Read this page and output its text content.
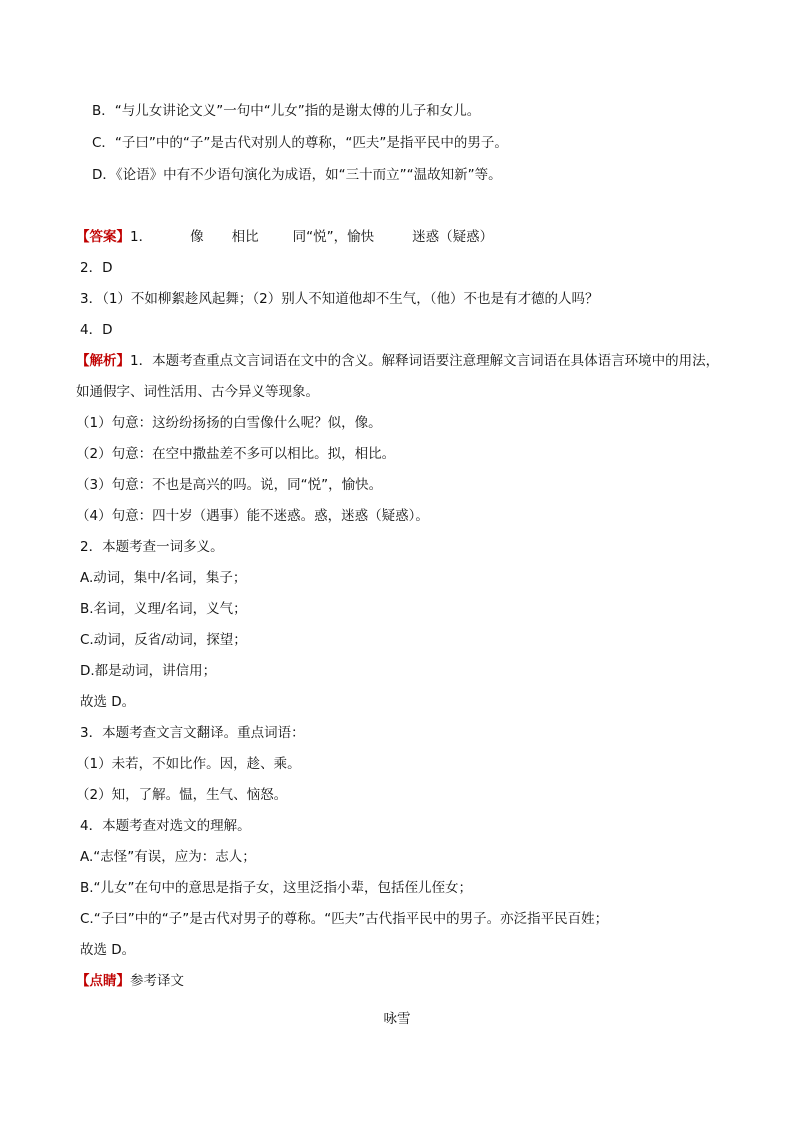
B．“与儿女讲论文义”一句中“儿女”指的是谢太傅的儿子和女儿。
C．“子曰”中的“子”是古代对别人的尊称，“匹夫”是指平民中的男子。
D．《论语》中有不少语句演化为成语，如“三十而立”“温故知新”等。
【答案】1．	像 相比	同“悦”，愉快	迷惑（疑惑）
2．D
3．（1）不如柳絮趁风起舞；（2）别人不知道他却不生气，（他）不也是有才德的人吗？
4．D
【解析】1．本题考查重点文言词语在文中的含义。解释词语要注意理解文言词语在具体语言环境中的用法，
如通假字、词性活用、古今异义等现象。
（1）句意：这纷纷扬扬的白雪像什么呢？似，像。
（2）句意：在空中撒盐差不多可以相比。拟，相比。
（3）句意：不也是高兴的吗。说，同“悦”，愉快。
（4）句意：四十岁（遇事）能不迷惑。惑，迷惑（疑惑）。
2．本题考查一词多义。
A.动词，集中/名词，集子；
B.名词，义理/名词，义气；
C.动词，反省/动词，探望；
D.都是动词，讲信用；
故选 D。
3．本题考查文言文翻译。重点词语：
（1）未若，不如比作。因，趁、乘。
（2）知，了解。愠，生气、恼怒。
4．本题考查对选文的理解。
A.“志怪”有误，应为：志人；
B.“儿女”在句中的意思是指子女，这里泛指小辈，包括侄儿侄女；
C.“子曰”中的“子”是古代对男子的尊称。“匹夫”古代指平民中的男子。亦泛指平民百姓；
故选 D。
【点睛】参考译文
咏雪
